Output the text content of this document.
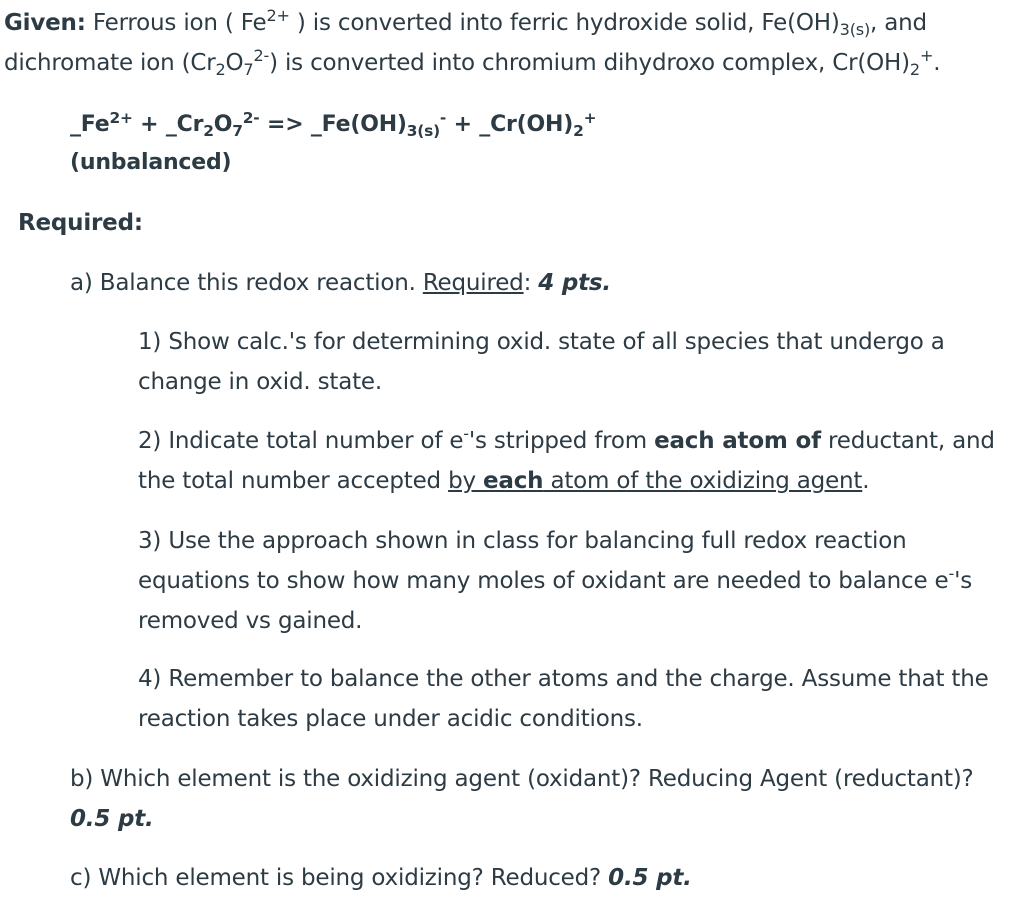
Given: Ferrous ion ( $Fe^{2+}$ ) is converted into ferric hydroxide solid, $Fe(OH)_{3(s)}$, and
dichromate ion $(Cr_2O_7^{2-})$ is converted into chromium dihydroxo complex, $Cr(OH)_2^+$.
$\_Fe^{2+}$ + $\_Cr_2O_7^{2-}$ => $\_Fe(OH)_{3(s)}^-$ + $\_Cr(OH)_2^+$
(unbalanced)
Required:
a) Balance this redox reaction. Required: 4 pts.
1) Show calc.'s for determining oxid. state of all species that undergo a
change in oxid. state.
2) Indicate total number of e-'s stripped from each atom of reductant, and
the total number accepted by each atom of the oxidizing agent.
3) Use the approach shown in class for balancing full redox reaction
equations to show how many moles of oxidant are needed to balance e-'s
removed vs gained.
4) Remember to balance the other atoms and the charge. Assume that the
reaction takes place under acidic conditions.
b) Which element is the oxidizing agent (oxidant)? Reducing Agent (reductant)?
0.5 pt.
c) Which element is being oxidizing? Reduced? 0.5 pt.
